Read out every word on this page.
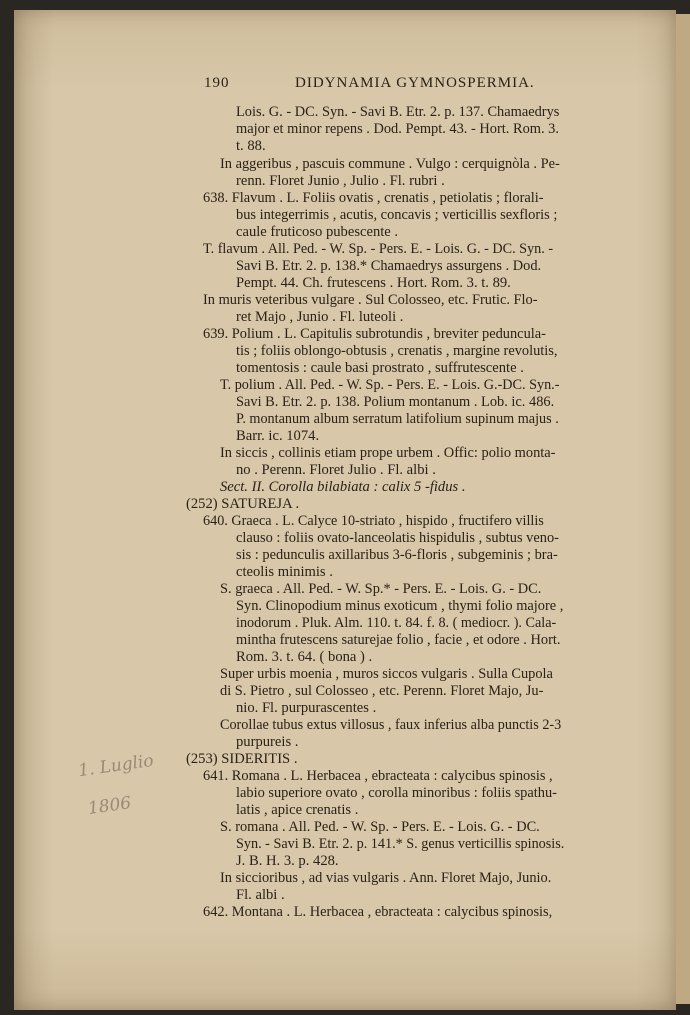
190	DIDYNAMIA GYMNOSPERMIA.
Lois. G. - DC. Syn. - Savi B. Etr. 2. p. 137. Chamaedrys
major et minor repens . Dod. Pempt. 43. - Hort. Rom. 3.
t. 88.
In aggeribus , pascuis commune . Vulgo : cerquignòla . Pe-
renn. Floret Junio , Julio . Fl. rubri .
638. Flavum . L. Foliis ovatis , crenatis , petiolatis ; florali-
bus integerrimis , acutis, concavis ; verticillis sexfloris ;
caule fruticoso pubescente .
T. flavum . All. Ped. - W. Sp. - Pers. E. - Lois. G. - DC. Syn. -
Savi B. Etr. 2. p. 138.* Chamaedrys assurgens . Dod.
Pempt. 44. Ch. frutescens . Hort. Rom. 3. t. 89.
In muris veteribus vulgare . Sul Colosseo, etc. Frutic. Flo-
ret Majo , Junio . Fl. luteoli .
639. Polium . L. Capitulis subrotundis , breviter peduncula-
tis ; foliis oblongo-obtusis , crenatis , margine revolutis,
tomentosis : caule basi prostrato , suffrutescente .
T. polium . All. Ped. - W. Sp. - Pers. E. - Lois. G.-DC. Syn.-
Savi B. Etr. 2. p. 138. Polium montanum . Lob. ic. 486.
P. montanum album serratum latifolium supinum majus .
Barr. ic. 1074.
In siccis , collinis etiam prope urbem . Offic: polio monta-
no . Perenn. Floret Julio . Fl. albi .
Sect. II. Corolla bilabiata : calix 5 -fidus .
(252) SATUREJA .
640. Graeca . L. Calyce 10-striato , hispido , fructifero villis
clauso : foliis ovato-lanceolatis hispidulis , subtus veno-
sis : pedunculis axillaribus 3-6-floris , subgeminis ; bra-
cteolis minimis .
S. graeca . All. Ped. - W. Sp.* - Pers. E. - Lois. G. - DC.
Syn. Clinopodium minus exoticum , thymi folio majore ,
inodorum . Pluk. Alm. 110. t. 84. f. 8. ( mediocr. ). Cala-
mintha frutescens saturejae folio , facie , et odore . Hort.
Rom. 3. t. 64. ( bona ) .
Super urbis moenia , muros siccos vulgaris . Sulla Cupola
di S. Pietro , sul Colosseo , etc. Perenn. Floret Majo, Ju-
nio. Fl. purpurascentes .
Corollae tubus extus villosus , faux inferius alba punctis 2-3
purpureis .
(253) SIDERITIS .
641. Romana . L. Herbacea , ebracteata : calycibus spinosis ,
labio superiore ovato , corolla minoribus : foliis spathu-
latis , apice crenatis .
S. romana . All. Ped. - W. Sp. - Pers. E. - Lois. G. - DC.
Syn. - Savi B. Etr. 2. p. 141.* S. genus verticillis spinosis.
J. B. H. 3. p. 428.
In siccioribus , ad vias vulgaris . Ann. Floret Majo, Junio.
Fl. albi .
642. Montana . L. Herbacea , ebracteata : calycibus spinosis,
1. Luglio
1806
